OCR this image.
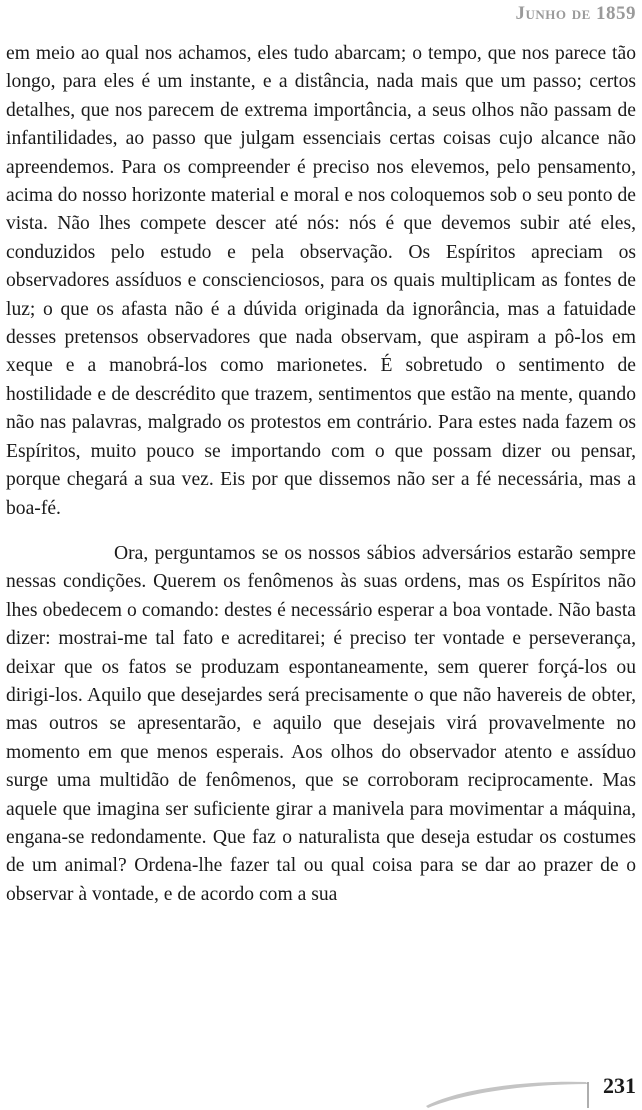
Junho de 1859

em meio ao qual nos achamos, eles tudo abarcam; o tempo, que nos parece tão longo, para eles é um instante, e a distância, nada mais que um passo; certos detalhes, que nos parecem de extrema importância, a seus olhos não passam de infantilidades, ao passo que julgam essenciais certas coisas cujo alcance não apreendemos. Para os compreender é preciso nos elevemos, pelo pensamento, acima do nosso horizonte material e moral e nos coloquemos sob o seu ponto de vista. Não lhes compete descer até nós: nós é que devemos subir até eles, conduzidos pelo estudo e pela observação. Os Espíritos apreciam os observadores assíduos e conscienciosos, para os quais multiplicam as fontes de luz; o que os afasta não é a dúvida originada da ignorância, mas a fatuidade desses pretensos observadores que nada observam, que aspiram a pô-los em xeque e a manobrá-los como marionetes. É sobretudo o sentimento de hostilidade e de descrédito que trazem, sentimentos que estão na mente, quando não nas palavras, malgrado os protestos em contrário. Para estes nada fazem os Espíritos, muito pouco se importando com o que possam dizer ou pensar, porque chegará a sua vez. Eis por que dissemos não ser a fé necessária, mas a boa-fé.

Ora, perguntamos se os nossos sábios adversários estarão sempre nessas condições. Querem os fenômenos às suas ordens, mas os Espíritos não lhes obedecem o comando: destes é necessário esperar a boa vontade. Não basta dizer: mostrai-me tal fato e acreditarei; é preciso ter vontade e perseverança, deixar que os fatos se produzam espontaneamente, sem querer forçá-los ou dirigi-los. Aquilo que desejardes será precisamente o que não havereis de obter, mas outros se apresentarão, e aquilo que desejais virá provavelmente no momento em que menos esperais. Aos olhos do observador atento e assíduo surge uma multidão de fenômenos, que se corroboram reciprocamente. Mas aquele que imagina ser suficiente girar a manivela para movimentar a máquina, engana-se redondamente. Que faz o naturalista que deseja estudar os costumes de um animal? Ordena-lhe fazer tal ou qual coisa para se dar ao prazer de o observar à vontade, e de acordo com a sua

231
